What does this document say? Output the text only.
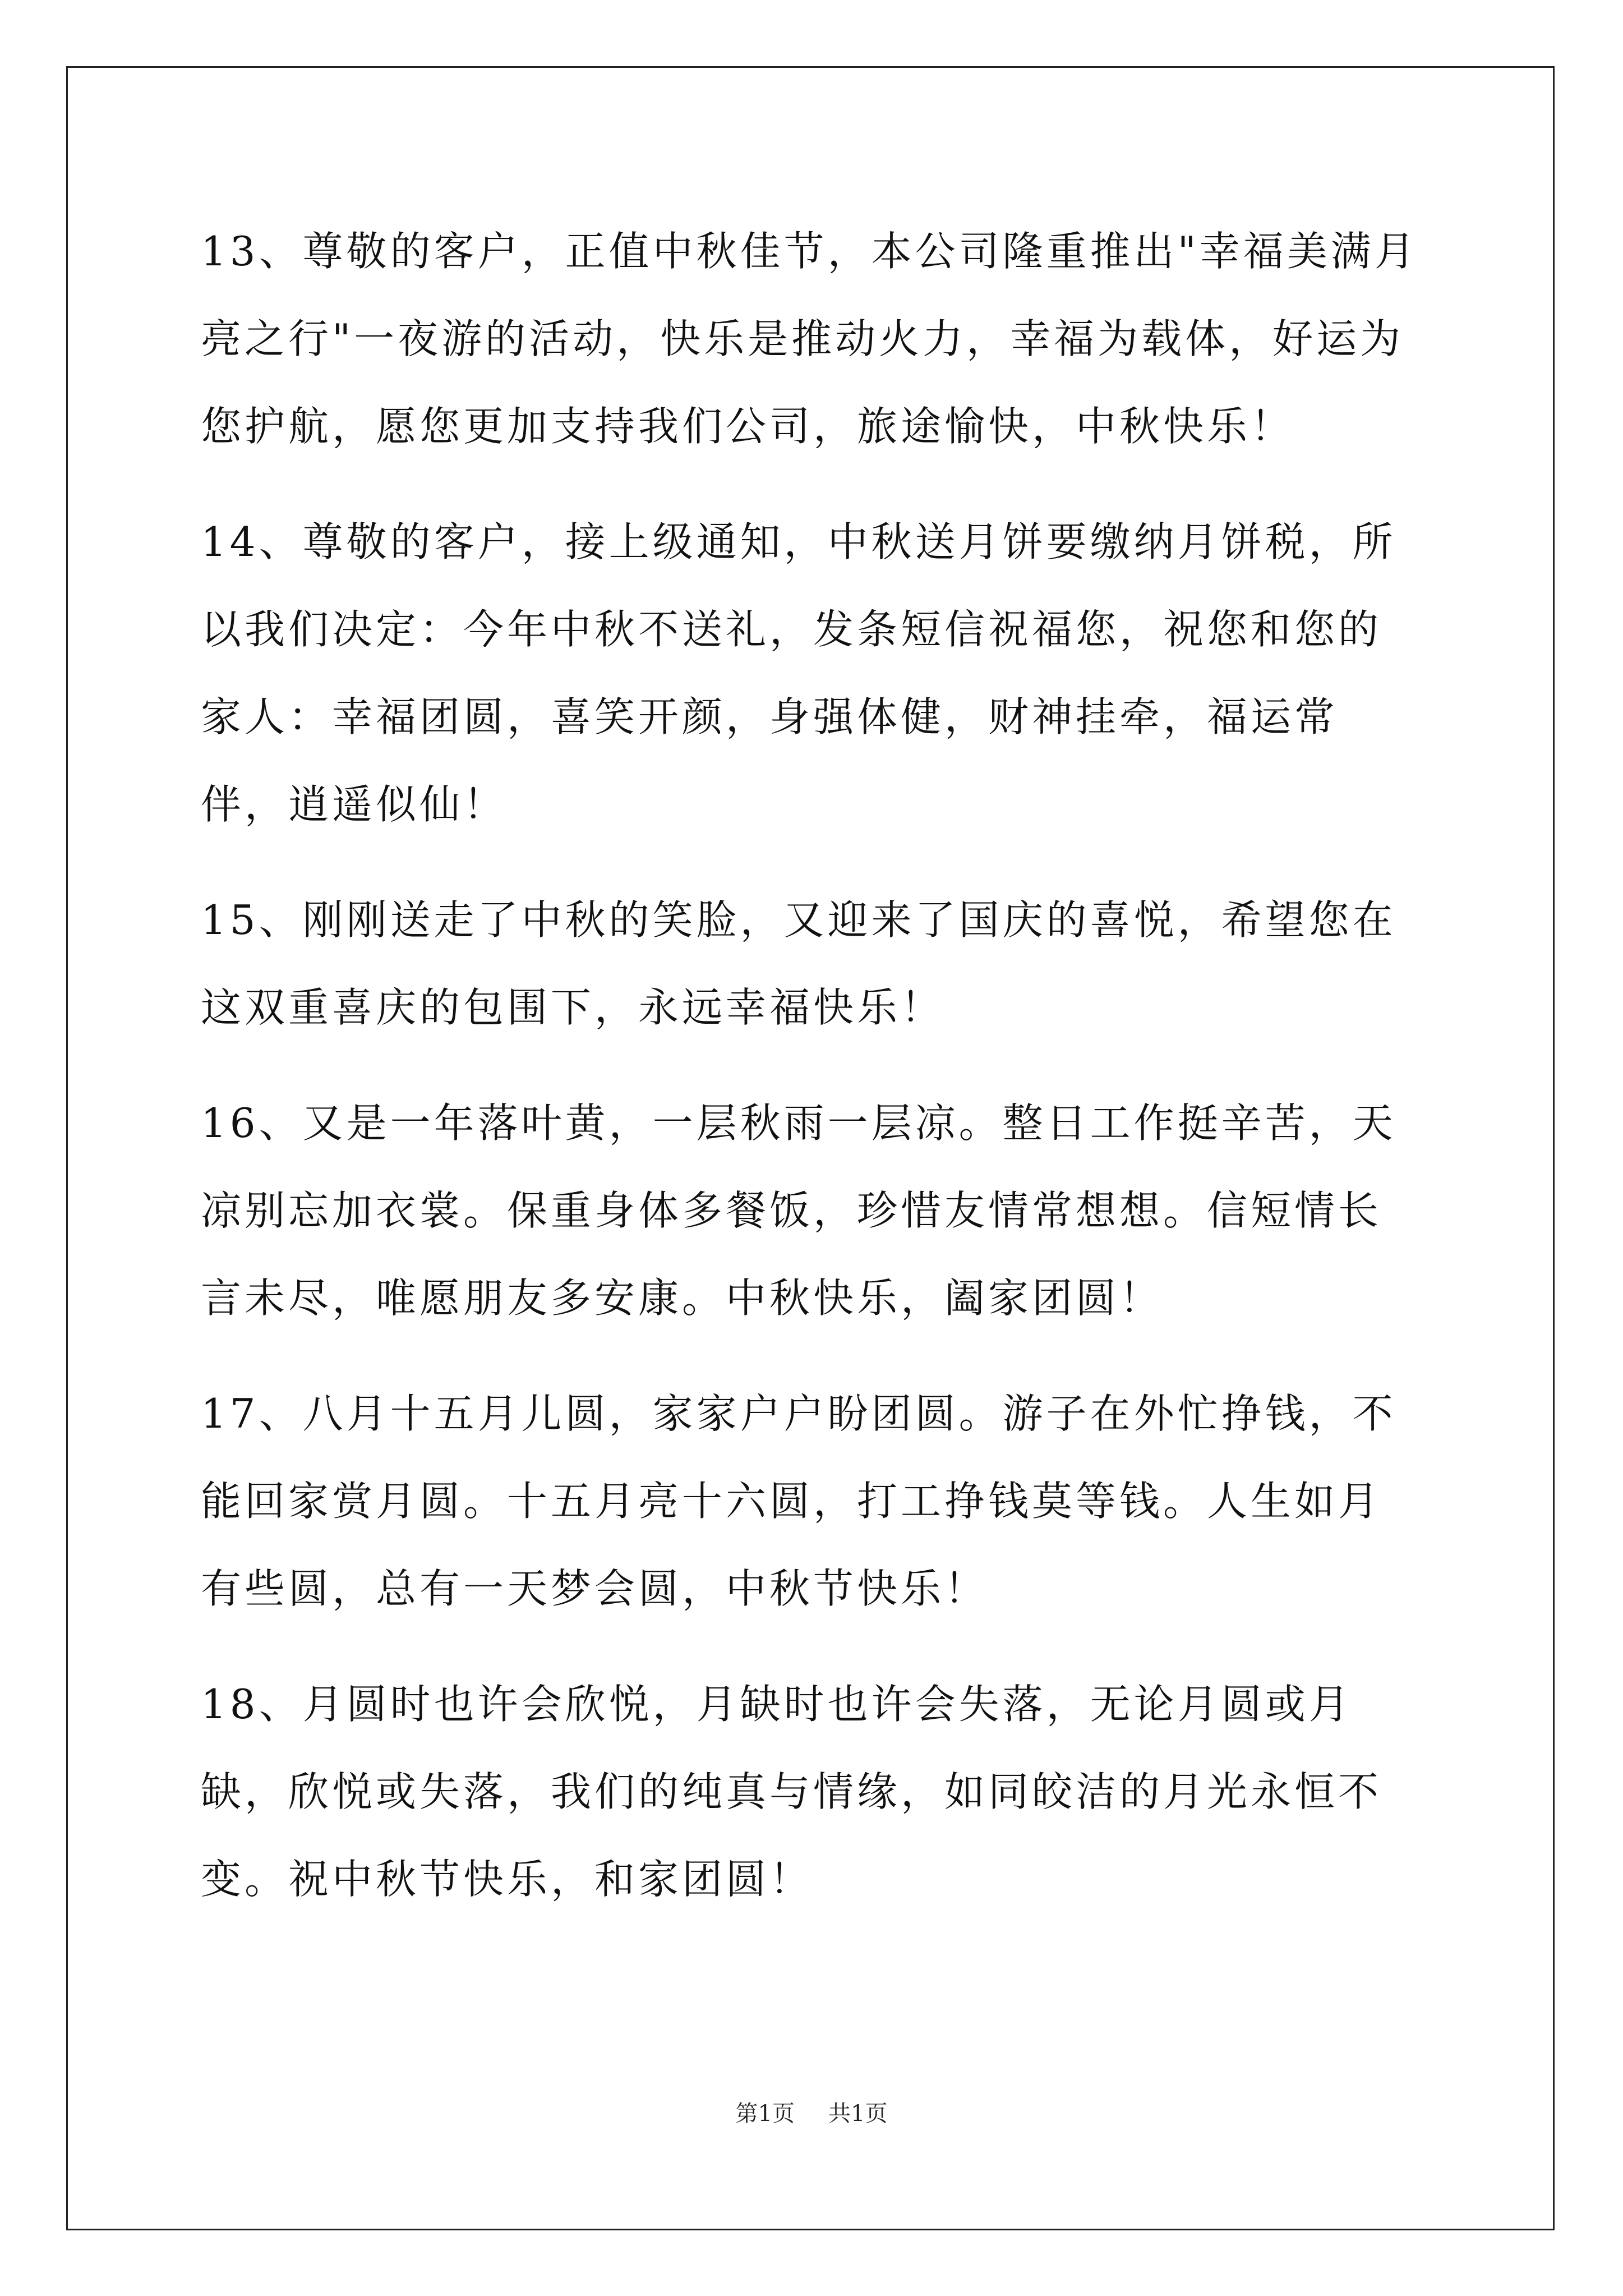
13、尊敬的客户，正值中秋佳节，本公司隆重推出"幸福美满月亮之行"一夜游的活动，快乐是推动火力，幸福为载体，好运为您护航，愿您更加支持我们公司，旅途愉快，中秋快乐！

14、尊敬的客户，接上级通知，中秋送月饼要缴纳月饼税，所以我们决定：今年中秋不送礼，发条短信祝福您，祝您和您的家人：幸福团圆，喜笑开颜，身强体健，财神挂牵，福运常伴，逍遥似仙！

15、刚刚送走了中秋的笑脸，又迎来了国庆的喜悦，希望您在这双重喜庆的包围下，永远幸福快乐！

16、又是一年落叶黄，一层秋雨一层凉。整日工作挺辛苦，天凉别忘加衣裳。保重身体多餐饭，珍惜友情常想想。信短情长言未尽，唯愿朋友多安康。中秋快乐，阖家团圆！

17、八月十五月儿圆，家家户户盼团圆。游子在外忙挣钱，不能回家赏月圆。十五月亮十六圆，打工挣钱莫等钱。人生如月有些圆，总有一天梦会圆，中秋节快乐！

18、月圆时也许会欣悦，月缺时也许会失落，无论月圆或月缺，欣悦或失落，我们的纯真与情缘，如同皎洁的月光永恒不变。祝中秋节快乐，和家团圆！

第1页 共1页
